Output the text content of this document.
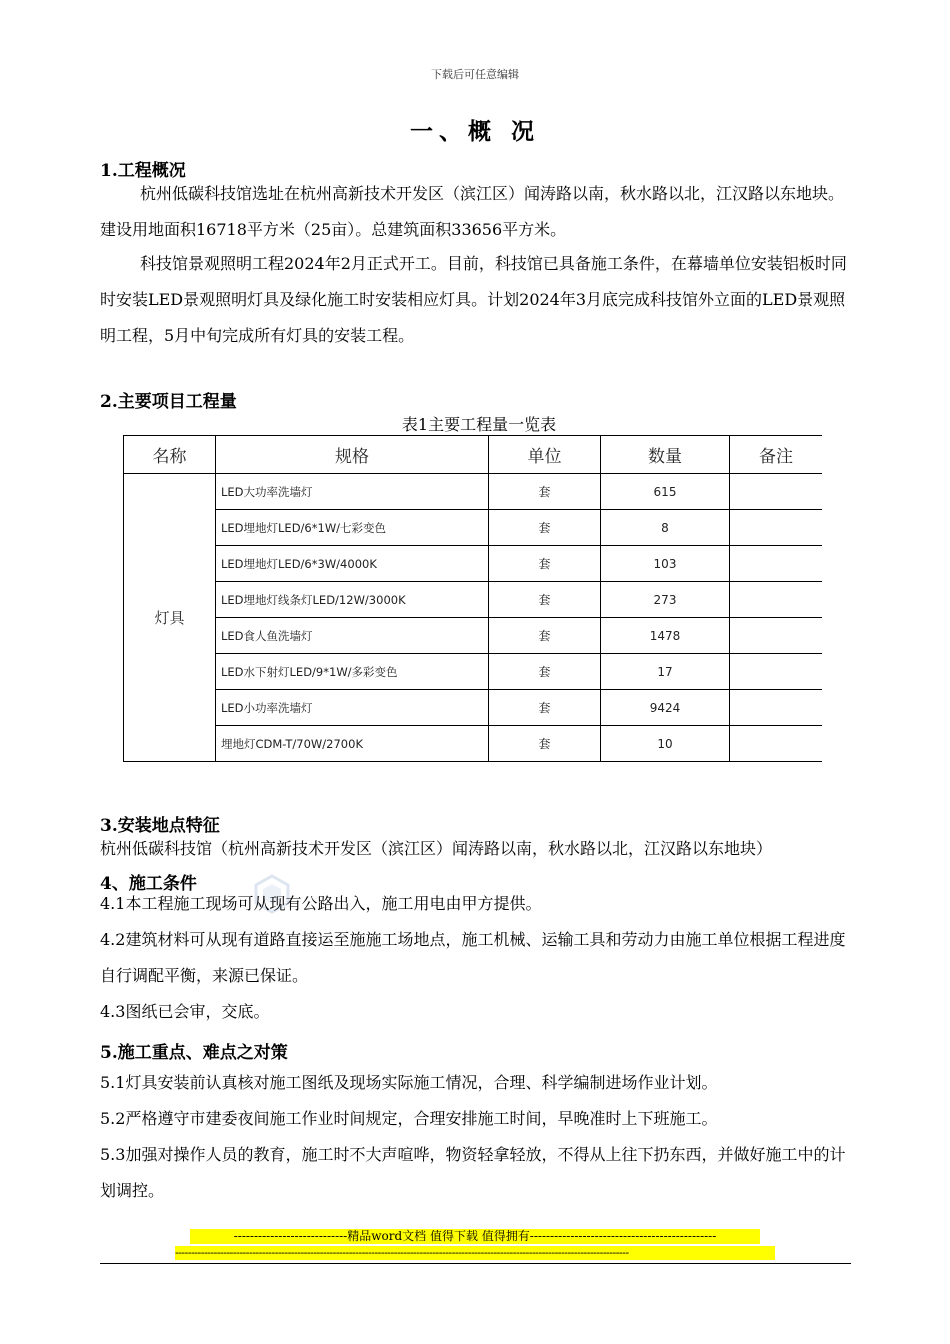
下载后可任意编辑
一、概 况
1.工程概况
杭州低碳科技馆选址在杭州高新技术开发区（滨江区）闻涛路以南，秋水路以北，江汉路以东地块。建设用地面积16718平方米（25亩）。总建筑面积33656平方米。
科技馆景观照明工程2024年2月正式开工。目前，科技馆已具备施工条件，在幕墙单位安装铝板时同时安装LED景观照明灯具及绿化施工时安装相应灯具。计划2024年3月底完成科技馆外立面的LED景观照明工程，5月中旬完成所有灯具的安装工程。
2.主要项目工程量
表1主要工程量一览表
名称	规格	单位	数量	备注
灯具	LED大功率洗墙灯	套	615	
	LED埋地灯LED/6*1W/七彩变色	套	8	
	LED埋地灯LED/6*3W/4000K	套	103	
	LED埋地灯线条灯LED/12W/3000K	套	273	
	LED食人鱼洗墙灯	套	1478	
	LED水下射灯LED/9*1W/多彩变色	套	17	
	LED小功率洗墙灯	套	9424	
	埋地灯CDM-T/70W/2700K	套	10	
3.安装地点特征
杭州低碳科技馆（杭州高新技术开发区（滨江区）闻涛路以南，秋水路以北，江汉路以东地块）
4、施工条件
4.1本工程施工现场可从现有公路出入，施工用电由甲方提供。
4.2建筑材料可从现有道路直接运至施施工场地点，施工机械、运输工具和劳动力由施工单位根据工程进度自行调配平衡，来源已保证。
4.3图纸已会审，交底。
5.施工重点、难点之对策
5.1灯具安装前认真核对施工图纸及现场实际施工情况，合理、科学编制进场作业计划。
5.2严格遵守市建委夜间施工作业时间规定，合理安排施工时间，早晚准时上下班施工。
5.3加强对操作人员的教育，施工时不大声喧哗，物资轻拿轻放，不得从上往下扔东西，并做好施工中的计划调控。
----------------------------精品word文档 值得下载 值得拥有----------------------------------------------
---------------------------------------------------------------------------------------------------------------------------------------------
